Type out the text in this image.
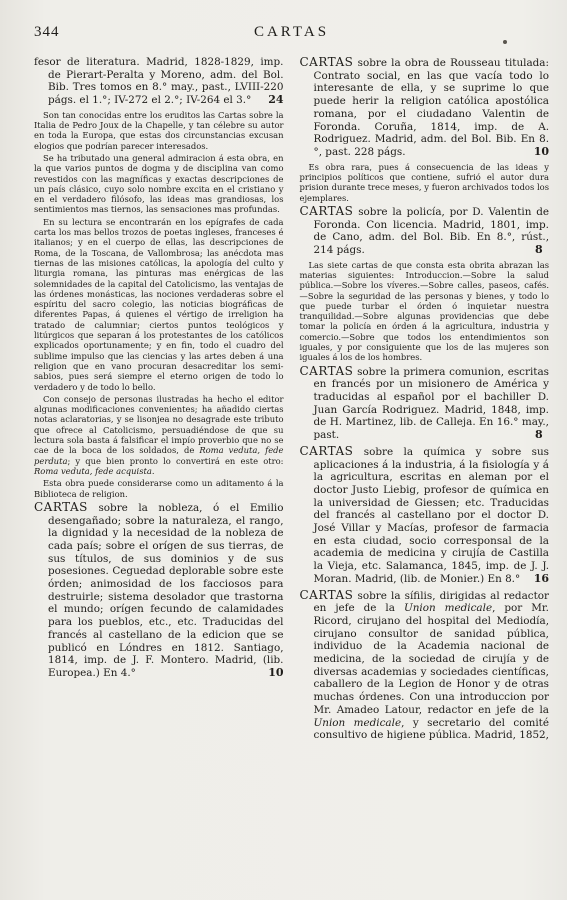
344	CARTAS

fesor de literatura. Madrid, 1828-1829, imp. de Pierart-Peralta y Moreno, adm. del Bol. Bib. Tres tomos en 8.° may., past., LVIII-220 págs. el 1.°; IV-272 el 2.°; IV-264 el 3.° 24

Son tan conocidas entre los eruditos las Cartas sobre la Italia de Pedro Joux de la Chapelle, y tan célebre su autor en toda la Europa, que estas dos circunstancias excusan elogios que podrían parecer interesados.

Se ha tributado una general admiracion á esta obra, en la que varios puntos de dogma y de disciplina van como revestidos con las magníficas y exactas descripciones de un país clásico, cuyo solo nombre excita en el cristiano y en el verdadero filósofo, las ideas mas grandiosas, los sentimientos mas tiernos, las sensaciones mas profundas.

En su lectura se encontrarán en los epígrafes de cada carta los mas bellos trozos de poetas ingleses, franceses é italianos; y en el cuerpo de ellas, las descripciones de Roma, de la Toscana, de Vallombrosa; las anécdota mas tiernas de las misiones católicas, la apología del culto y liturgia romana, las pinturas mas enérgicas de las solemnidades de la capital del Catolicismo, las ventajas de las órdenes monásticas, las nociones verdaderas sobre el espíritu del sacro colegio, las noticias biográficas de diferentes Papas, á quienes el vértigo de irreligion ha tratado de calumniar; ciertos puntos teológicos y litúrgicos que separan á los protestantes de los católicos explicados oportunamente; y en fin, todo el cuadro del sublime impulso que las ciencias y las artes deben á una religion que en vano procuran desacreditar los semi-sabios, pues será siempre el eterno origen de todo lo verdadero y de todo lo bello.

Con consejo de personas ilustradas ha hecho el editor algunas modificaciones convenientes; ha añadido ciertas notas aclaratorias, y se lisonjea no desagrade este tributo que ofrece al Catolicismo, persuadiéndose de que su lectura sola basta á falsificar el impío proverbio que no se cae de la boca de los soldados, de Roma veduta, fede perduta; y que bien pronto lo convertirá en este otro: Roma veduta, fede acquista.

Esta obra puede considerarse como un aditamento á la Biblioteca de religion.

CARTAS sobre la nobleza, ó el Emilio desengañado; sobre la naturaleza, el rango, la dignidad y la necesidad de la nobleza de cada país; sobre el orígen de sus tierras, de sus títulos, de sus dominios y de sus posesiones. Ceguedad deplorable sobre este órden; animosidad de los facciosos para destruirle; sistema desolador que trastorna el mundo; orígen fecundo de calamidades para los pueblos, etc., etc. Traducidas del francés al castellano de la edicion que se publicó en Lóndres en 1812. Santiago, 1814, imp. de J. F. Montero. Madrid, (lib. Europea.) En 4.°	10

CARTAS sobre la obra de Rousseau titulada: Contrato social, en las que vacía todo lo interesante de ella, y se suprime lo que puede herir la religion católica apostólica romana, por el ciudadano Valentin de Foronda. Coruña, 1814, imp. de A. Rodriguez. Madrid, adm. del Bol. Bib. En 8.°, past. 228 págs.	10

Es obra rara, pues á consecuencia de las ideas y principios políticos que contiene, sufrió el autor dura prision durante trece meses, y fueron archivados todos los ejemplares.

CARTAS sobre la policía, por D. Valentin de Foronda. Con licencia. Madrid, 1801, imp. de Cano, adm. del Bol. Bib. En 8.°, rúst., 214 págs.	8

Las siete cartas de que consta esta obrita abrazan las materias siguientes: Introduccion.—Sobre la salud pública.—Sobre los víveres.—Sobre calles, paseos, cafés.—Sobre la seguridad de las personas y bienes, y todo lo que puede turbar el órden ó inquietar nuestra tranquilidad.—Sobre algunas providencias que debe tomar la policía en órden á la agricultura, industria y comercio.—Sobre que todos los entendimientos son iguales, y por consiguiente que los de las mujeres son iguales á los de los hombres.

CARTAS sobre la primera comunion, escritas en francés por un misionero de América y traducidas al español por el bachiller D. Juan García Rodriguez. Madrid, 1848, imp. de H. Martinez, lib. de Calleja. En 16.° may., past.	8

CARTAS sobre la química y sobre sus aplicaciones á la industria, á la fisiología y á la agricultura, escritas en aleman por el doctor Justo Liebig, profesor de química en la universidad de Giessen; etc. Traducidas del francés al castellano por el doctor D. José Villar y Macías, profesor de farmacia en esta ciudad, socio corresponsal de la academia de medicina y cirujía de Castilla la Vieja, etc. Salamanca, 1845, imp. de J. J. Moran. Madrid, (lib. de Monier.) En 8.° 16

CARTAS sobre la sífilis, dirigidas al redactor en jefe de la Union medicale, por Mr. Ricord, cirujano del hospital del Mediodía, cirujano consultor de sanidad pública, individuo de la Academia nacional de medicina, de la sociedad de cirujía y de diversas academias y sociedades científicas, caballero de la Legion de Honor y de otras muchas órdenes. Con una introduccion por Mr. Amadeo Latour, redactor en jefe de la Union medicale, y secretario del comité consultivo de higiene pública. Madrid, 1852,
